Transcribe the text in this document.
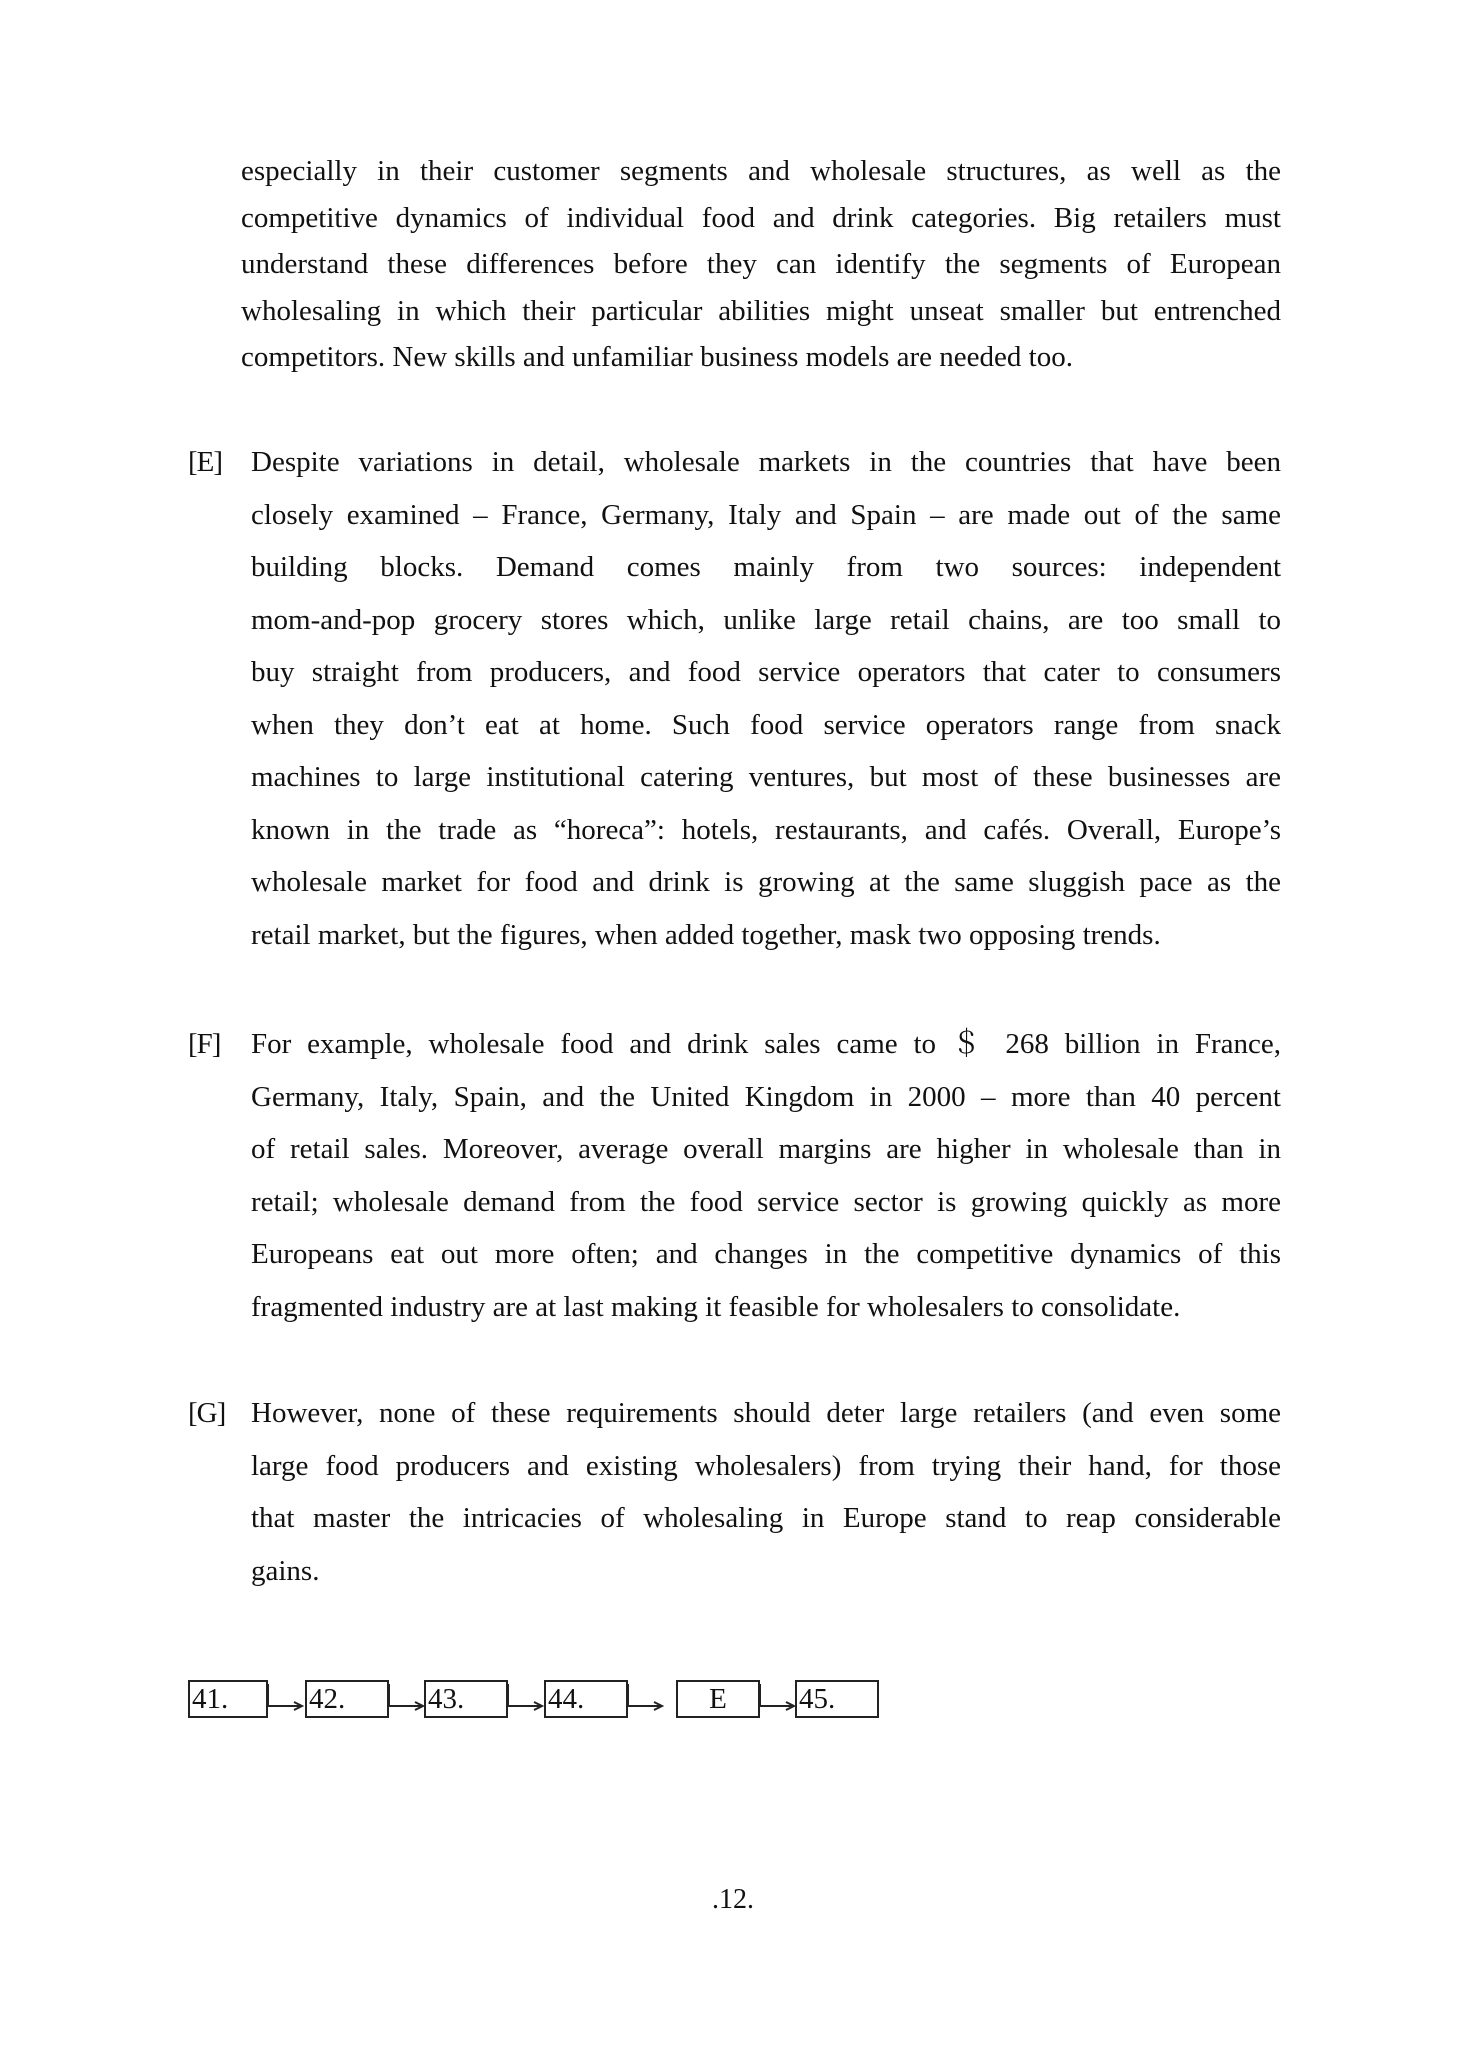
especially in their customer segments and wholesale structures, as well as the
competitive dynamics of individual food and drink categories. Big retailers must
understand these differences before they can identify the segments of European
wholesaling in which their particular abilities might unseat smaller but entrenched
competitors. New skills and unfamiliar business models are needed too.
[E] Despite variations in detail, wholesale markets in the countries that have been
closely examined – France, Germany, Italy and Spain – are made out of the same
building blocks. Demand comes mainly from two sources: independent
mom-and-pop grocery stores which, unlike large retail chains, are too small to
buy straight from producers, and food service operators that cater to consumers
when they don’t eat at home. Such food service operators range from snack
machines to large institutional catering ventures, but most of these businesses are
known in the trade as “horeca”: hotels, restaurants, and cafés. Overall, Europe’s
wholesale market for food and drink is growing at the same sluggish pace as the
retail market, but the figures, when added together, mask two opposing trends.
[F] For example, wholesale food and drink sales came to ＄ 268 billion in France,
Germany, Italy, Spain, and the United Kingdom in 2000 – more than 40 percent
of retail sales. Moreover, average overall margins are higher in wholesale than in
retail; wholesale demand from the food service sector is growing quickly as more
Europeans eat out more often; and changes in the competitive dynamics of this
fragmented industry are at last making it feasible for wholesalers to consolidate.
[G] However, none of these requirements should deter large retailers (and even some
large food producers and existing wholesalers) from trying their hand, for those
that master the intricacies of wholesaling in Europe stand to reap considerable
gains.
41.	42.	43.	44.	E	45.
.12.
